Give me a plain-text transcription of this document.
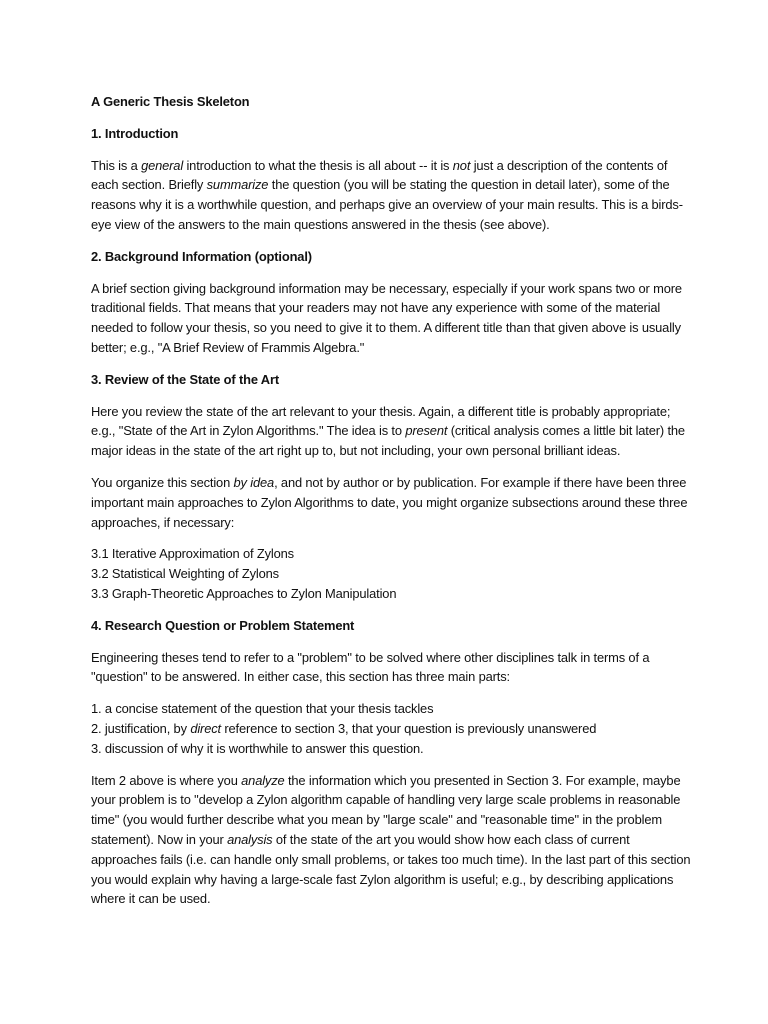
A Generic Thesis Skeleton
1. Introduction

This is a general introduction to what the thesis is all about -- it is not just a description of the contents of each section. Briefly summarize the question (you will be stating the question in detail later), some of the reasons why it is a worthwhile question, and perhaps give an overview of your main results. This is a birds-eye view of the answers to the main questions answered in the thesis (see above).

2. Background Information (optional)

A brief section giving background information may be necessary, especially if your work spans two or more traditional fields. That means that your readers may not have any experience with some of the material needed to follow your thesis, so you need to give it to them. A different title than that given above is usually better; e.g., "A Brief Review of Frammis Algebra."

3. Review of the State of the Art

Here you review the state of the art relevant to your thesis. Again, a different title is probably appropriate; e.g., "State of the Art in Zylon Algorithms." The idea is to present (critical analysis comes a little bit later) the major ideas in the state of the art right up to, but not including, your own personal brilliant ideas.

You organize this section by idea, and not by author or by publication. For example if there have been three important main approaches to Zylon Algorithms to date, you might organize subsections around these three approaches, if necessary:

3.1 Iterative Approximation of Zylons
3.2 Statistical Weighting of Zylons
3.3 Graph-Theoretic Approaches to Zylon Manipulation
4. Research Question or Problem Statement

Engineering theses tend to refer to a "problem" to be solved where other disciplines talk in terms of a "question" to be answered. In either case, this section has three main parts:

1. a concise statement of the question that your thesis tackles
2. justification, by direct reference to section 3, that your question is previously unanswered
3. discussion of why it is worthwhile to answer this question.

Item 2 above is where you analyze the information which you presented in Section 3. For example, maybe your problem is to "develop a Zylon algorithm capable of handling very large scale problems in reasonable time" (you would further describe what you mean by "large scale" and "reasonable time" in the problem statement). Now in your analysis of the state of the art you would show how each class of current approaches fails (i.e. can handle only small problems, or takes too much time). In the last part of this section you would explain why having a large-scale fast Zylon algorithm is useful; e.g., by describing applications where it can be used.
